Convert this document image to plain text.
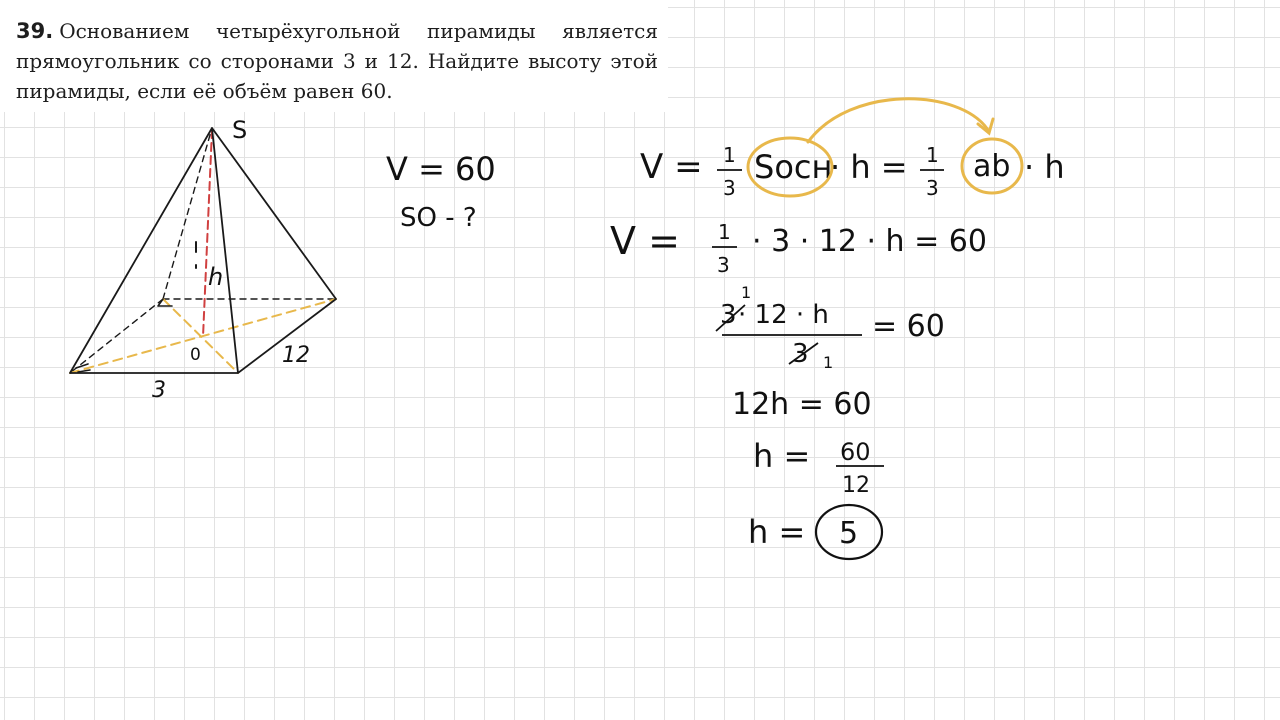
39. Основанием четырёхугольной пирамиды является прямоугольник со сторонами 3 и 12. Найдите высоту этой пирамиды, если её объём равен 60.

S
h
0
3
12
V = 60
SO - ?
V = 1
3
Sосн
· h = 1
3
ab · h
V = 1
3
· 3 · 12 · h = 60
1
3 · 12 · h
3 1
= 60
12h = 60
h = 60
12
h = 5
